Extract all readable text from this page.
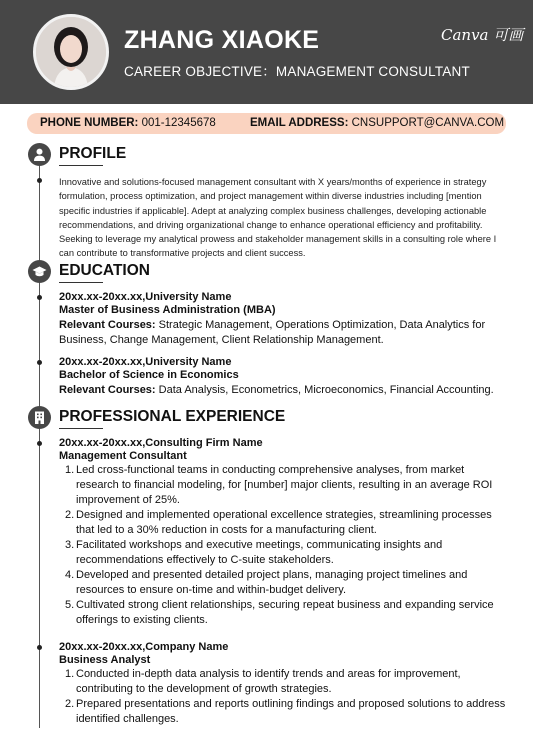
ZHANG XIAOKE
CAREER OBJECTIVE：MANAGEMENT CONSULTANT
Canva 可画
PHONE NUMBER: 001-12345678	EMAIL ADDRESS: CNSUPPORT@CANVA.COM
PROFILE
Innovative and solutions-focused management consultant with X years/months of experience in strategy formulation, process optimization, and project management within diverse industries including [mention specific industries if applicable]. Adept at analyzing complex business challenges, developing actionable recommendations, and driving organizational change to enhance operational efficiency and profitability. Seeking to leverage my analytical prowess and stakeholder management skills in a consulting role where I can contribute to transformative projects and client success.
EDUCATION
20xx.xx-20xx.xx,University Name
Master of Business Administration (MBA)
Relevant Courses: Strategic Management, Operations Optimization, Data Analytics for Business, Change Management, Client Relationship Management.
20xx.xx-20xx.xx,University Name
Bachelor of Science in Economics
Relevant Courses: Data Analysis, Econometrics, Microeconomics, Financial Accounting.
PROFESSIONAL EXPERIENCE
20xx.xx-20xx.xx,Consulting Firm Name
Management Consultant
1. Led cross-functional teams in conducting comprehensive analyses, from market research to financial modeling, for [number] major clients, resulting in an average ROI improvement of 25%.
2. Designed and implemented operational excellence strategies, streamlining processes that led to a 30% reduction in costs for a manufacturing client.
3. Facilitated workshops and executive meetings, communicating insights and recommendations effectively to C-suite stakeholders.
4. Developed and presented detailed project plans, managing project timelines and resources to ensure on-time and within-budget delivery.
5. Cultivated strong client relationships, securing repeat business and expanding service offerings to existing clients.
20xx.xx-20xx.xx,Company Name
Business Analyst
1. Conducted in-depth data analysis to identify trends and areas for improvement, contributing to the development of growth strategies.
2. Prepared presentations and reports outlining findings and proposed solutions to address identified challenges.
